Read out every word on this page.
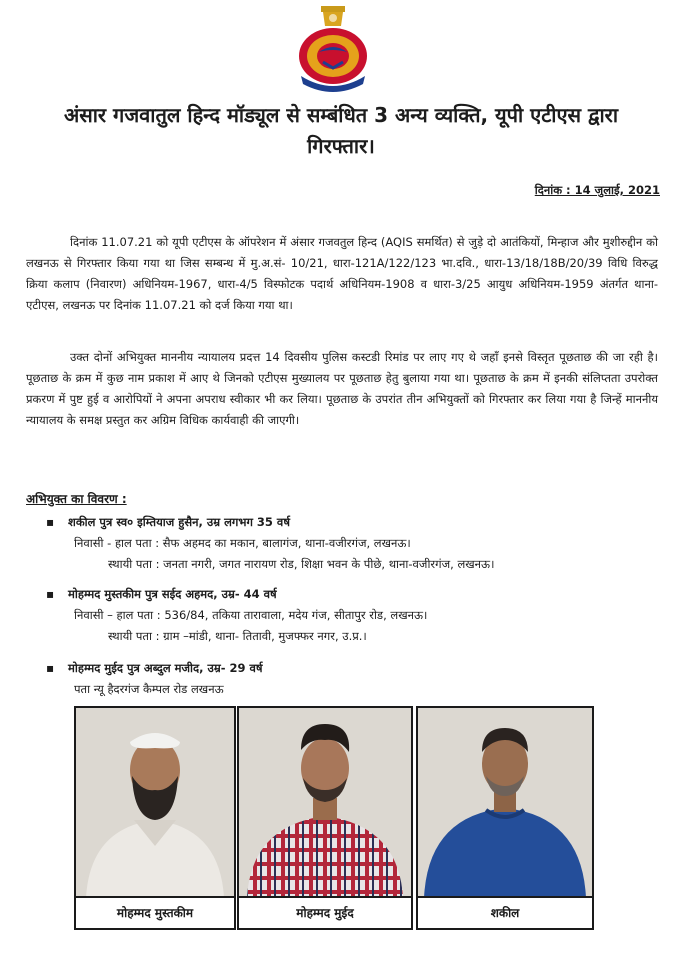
अंसार गजवातुल हिन्द मॉड्यूल से सम्बंधित 3 अन्य व्यक्ति, यूपी एटीएस द्वारा गिरफ्तार।
दिनांक : 14 जुलाई, 2021

दिनांक 11.07.21 को यूपी एटीएस के ऑपरेशन में अंसार गजवतुल हिन्द (AQIS समर्थित) से जुड़े दो आतंकियों, मिन्हाज और मुशीरुद्दीन को लखनऊ से गिरफ्तार किया गया था जिस सम्बन्ध में मु.अ.सं- 10/21, धारा-121A/122/123 भा.दवि., धारा-13/18/18B/20/39 विधि विरुद्ध क्रिया कलाप (निवारण) अधिनियम-1967, धारा-4/5 विस्फोटक पदार्थ अधिनियम-1908 व धारा-3/25 आयुध अधिनियम-1959 अंतर्गत थाना-एटीएस, लखनऊ पर दिनांक 11.07.21 को दर्ज किया गया था।

उक्त दोनों अभियुक्त माननीय न्यायालय प्रदत्त 14 दिवसीय पुलिस कस्टडी रिमांड पर लाए गए थे जहाँ इनसे विस्तृत पूछताछ की जा रही है।पूछताछ के क्रम में कुछ नाम प्रकाश में आए थे जिनको एटीएस मुख्यालय पर पूछताछ हेतु बुलाया गया था। पूछताछ के क्रम में इनकी संलिप्तता उपरोक्त प्रकरण में पुष्ट हुई व आरोपियों ने अपना अपराध स्वीकार भी कर लिया। पूछताछ के उपरांत तीन अभियुक्तों को गिरफ्तार कर लिया गया है जिन्हें माननीय न्यायालय के समक्ष प्रस्तुत कर अग्रिम विधिक कार्यवाही की जाएगी।

अभियुक्त का विवरण :
▪ शकील पुत्र स्व० इम्तियाज हुसैन, उम्र लगभग 35 वर्ष
निवासी - हाल पता : सैफ अहमद का मकान, बालागंज, थाना-वजीरगंज, लखनऊ।
स्थायी पता : जनता नगरी, जगत नारायण रोड, शिक्षा भवन के पीछे, थाना-वजीरगंज, लखनऊ।
▪ मोहम्मद मुस्तकीम पुत्र सईद अहमद, उम्र- 44 वर्ष
निवासी – हाल पता : 536/84, तकिया तारावाला, मदेय गंज, सीतापुर रोड, लखनऊ।
स्थायी पता : ग्राम –मांडी, थाना- तितावी, मुजफ्फर नगर, उ.प्र.।
▪ मोहम्मद मुईद पुत्र अब्दुल मजीद, उम्र- 29 वर्ष
पता न्यू हैदरगंज कैम्पल रोड लखनऊ
मोहम्मद मुस्तकीम	मोहम्मद मुईद	शकील
